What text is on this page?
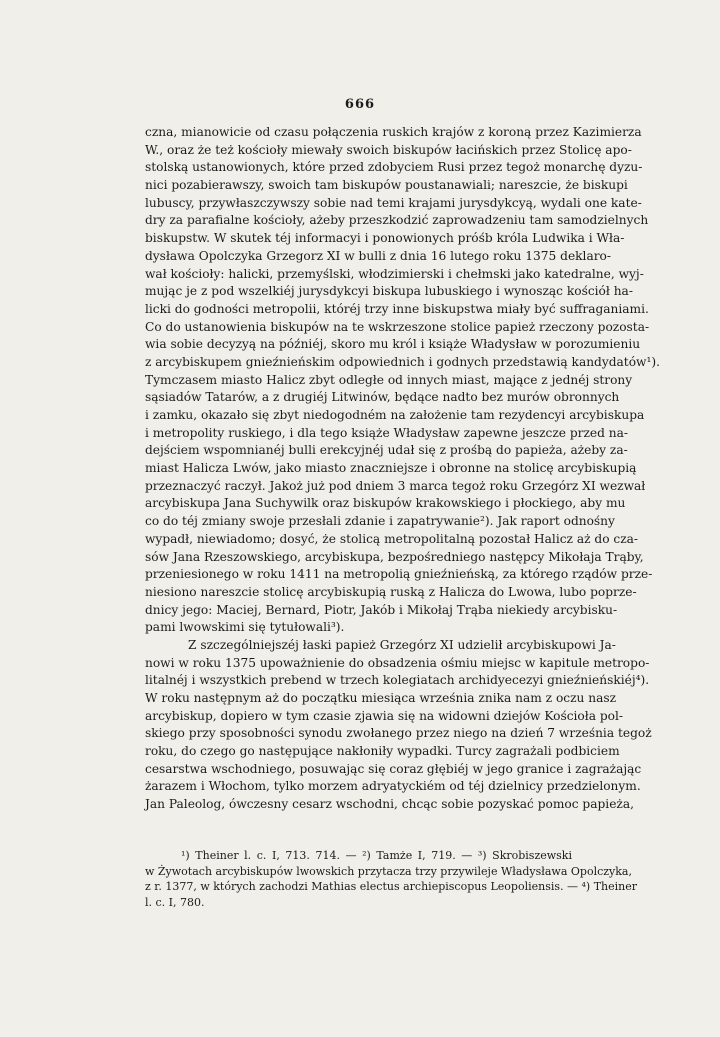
666
czna, mianowicie od czasu połączenia ruskich krajów z koroną przez Kazimierza
W., oraz że też kościoły miewały swoich biskupów łacińskich przez Stolicę apo-
stolską ustanowionych, które przed zdobyciem Rusi przez tegoż monarchę dyzu-
nici pozabierawszy, swoich tam biskupów poustanawiali; nareszcie, że biskupi
lubuscy, przywłaszczywszy sobie nad temi krajami jurysdykcyą, wydali one kate-
dry za parafialne kościoły, ażeby przeszkodzić zaprowadzeniu tam samodzielnych
biskupstw. W skutek téj informacyi i ponowionych próśb króla Ludwika i Wła-
dysława Opolczyka Grzegorz XI w bulli z dnia 16 lutego roku 1375 deklaro-
wał kościoły: halicki, przemyślski, włodzimierski i chełmski jako katedralne, wyj-
mując je z pod wszelkiéj jurysdykcyi biskupa lubuskiego i wynosząc kościół ha-
licki do godności metropolii, któréj trzy inne biskupstwa miały być suffraganiami.
Co do ustanowienia biskupów na te wskrzeszone stolice papież rzeczony pozosta-
wia sobie decyzyą na późniéj, skoro mu król i książe Władysław w porozumieniu
z arcybiskupem gnieźnieńskim odpowiednich i godnych przedstawią kandydatów¹).
Tymczasem miasto Halicz zbyt odległe od innych miast, mające z jednéj strony
sąsiadów Tatarów, a z drugiéj Litwinów, będące nadto bez murów obronnych
i zamku, okazało się zbyt niedogodném na założenie tam rezydencyi arcybiskupa
i metropolity ruskiego, i dla tego książe Władysław zapewne jeszcze przed na-
dejściem wspomnianéj bulli erekcyjnéj udał się z prośbą do papieża, ażeby za-
miast Halicza Lwów, jako miasto znaczniejsze i obronne na stolicę arcybiskupią
przeznaczyć raczył. Jakoż już pod dniem 3 marca tegoż roku Grzegórz XI wezwał
arcybiskupa Jana Suchywilk oraz biskupów krakowskiego i płockiego, aby mu
co do téj zmiany swoje przesłali zdanie i zapatrywanie²). Jak raport odnośny
wypadł, niewiadomo; dosyć, że stolicą metropolitalną pozostał Halicz aż do cza-
sów Jana Rzeszowskiego, arcybiskupa, bezpośredniego następcy Mikołaja Trąby,
przeniesionego w roku 1411 na metropolią gnieźnieńską, za którego rządów prze-
niesiono nareszcie stolicę arcybiskupią ruską z Halicza do Lwowa, lubo poprze-
dnicy jego: Maciej, Bernard, Piotr, Jakób i Mikołaj Trąba niekiedy arcybisku-
pami lwowskimi się tytułowali³).
Z szczególniejszéj łaski papież Grzegórz XI udzielił arcybiskupowi Ja-
nowi w roku 1375 upoważnienie do obsadzenia ośmiu miejsc w kapitule metropo-
litalnéj i wszystkich prebend w trzech kolegiatach archidyecezyi gnieźnieńskiéj⁴).
W roku następnym aż do początku miesiąca września znika nam z oczu nasz
arcybiskup, dopiero w tym czasie zjawia się na widowni dziejów Kościoła pol-
skiego przy sposobności synodu zwołanego przez niego na dzień 7 września tegoż
roku, do czego go następujące nakłoniły wypadki. Turcy zagrażali podbiciem
cesarstwa wschodniego, posuwając się coraz głębiéj w jego granice i zagrażając
żarazem i Włochom, tylko morzem adryatyckiém od téj dzielnicy przedzielonym.
Jan Paleolog, ówczesny cesarz wschodni, chcąc sobie pozyskać pomoc papieża,
¹) Theiner l. c. I, 713. 714. — ²) Tamże I, 719. — ³) Skrobiszewski
w Żywotach arcybiskupów lwowskich przytacza trzy przywileje Władysława Opolczyka,
z r. 1377, w których zachodzi Mathias electus archiepiscopus Leopoliensis. — ⁴) Theiner
l. c. I, 780.
